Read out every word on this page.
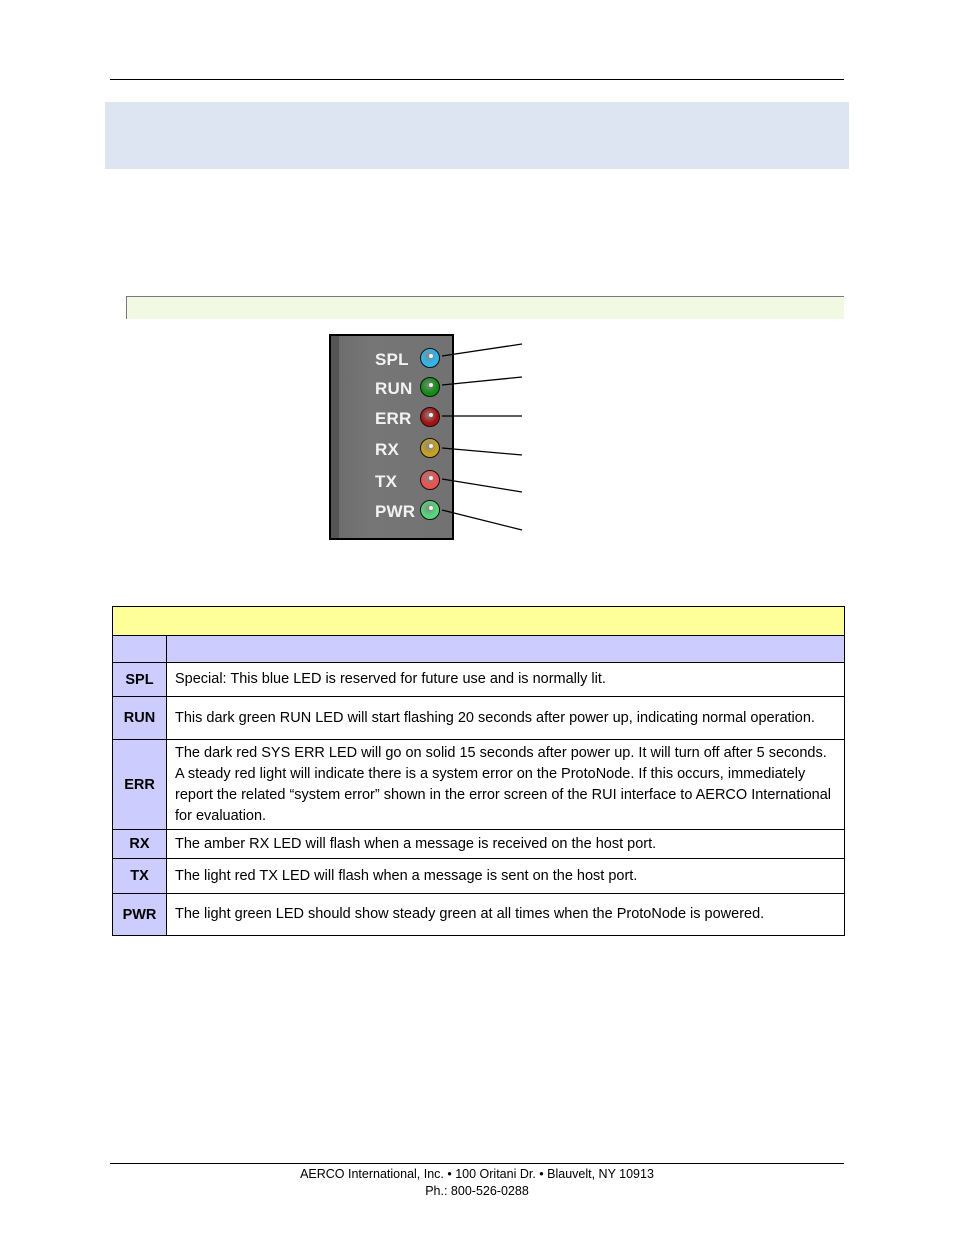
SPL
RUN
ERR
RX
TX
PWR

SPL	Special: This blue LED is reserved for future use and is normally lit.
RUN	This dark green RUN LED will start flashing 20 seconds after power up, indicating normal operation.
ERR	The dark red SYS ERR LED will go on solid 15 seconds after power up. It will turn off after 5 seconds. A steady red light will indicate there is a system error on the ProtoNode. If this occurs, immediately report the related “system error” shown in the error screen of the RUI interface to AERCO International for evaluation.
RX	The amber RX LED will flash when a message is received on the host port.
TX	The light red TX LED will flash when a message is sent on the host port.
PWR	The light green LED should show steady green at all times when the ProtoNode is powered.
AERCO International, Inc. • 100 Oritani Dr. • Blauvelt, NY 10913
Ph.: 800-526-0288
